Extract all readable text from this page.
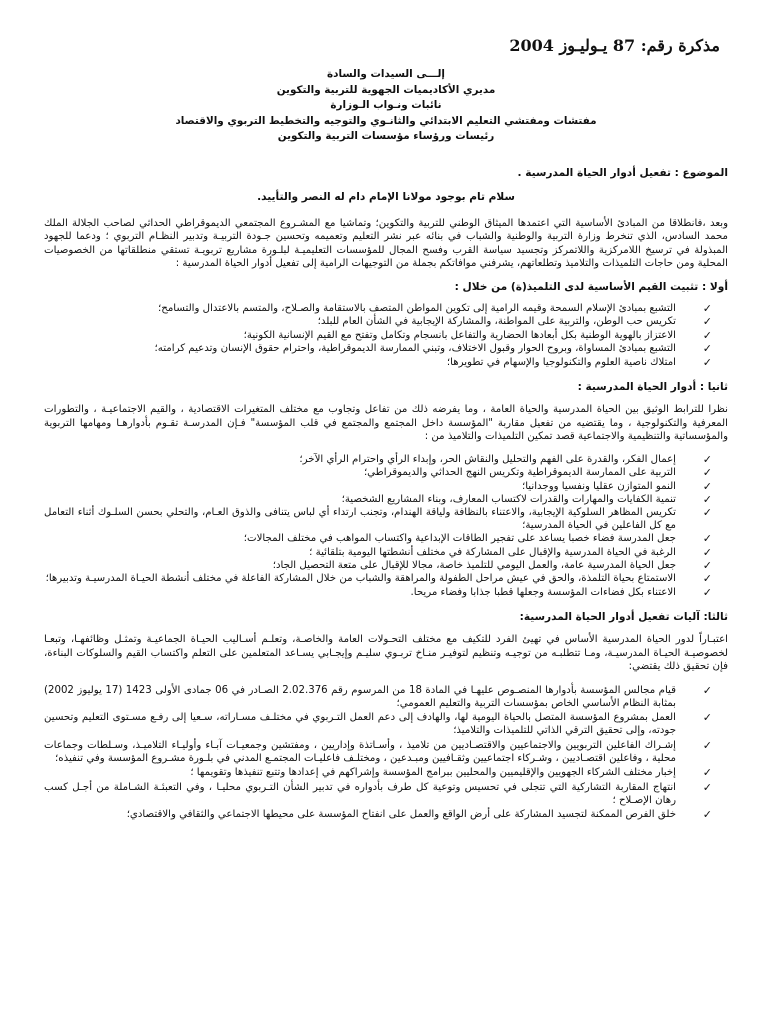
مذكرة رقم: 87 يـوليـوز 2004
إلـــى السيدات والسادة
مديري الأكاديميات الجهوية للتربية والتكوين
نائبات ونـواب الـوزارة
مفتشات ومفتشي التعليم الابتدائي والثانـوي والتوجيه والتخطيط التربوي والاقتصاد
رئيسات ورؤساء مؤسسات التربية والتكوين
الموضوع : تفعيل أدوار الحياة المدرسية .
سلام تام بوجود مولانا الإمام دام له النصر والتأييد.

وبعد ،فانطلاقا من المبادئ الأساسية التي اعتمدها الميثاق الوطني للتربية والتكوين؛ وتماشيا مع المشـروع المجتمعي الديموقراطي الحداثي لصاحب الجلالة الملك محمد السادس، الذي تنخرط وزارة التربية والوطنية والشباب في بنائه عبر نشر التعليم وتعميمه وتحسين جـودة التربيـة وتدبير النظـام التربوي ؛ ودعما للجهود المبذولة في ترسيخ اللامركزية واللاتمركز وتجسيد سياسة القرب وفسح المجال للمؤسسات التعليميـة لبلـورة مشاريع تربويـة تستقي منطلقاتها من الخصوصيات المحلية ومن حاجات التلميذات والتلاميذ وتطلعاتهم، يشرفني موافاتكم بجملة من التوجيهات الرامية إلى تفعيل أدوار الحياة المدرسية :

أولا : تثبيت القيم الأساسية لدى التلميذ(ة) من خلال :
✓
التشبع بمبادئ الإسلام السمحة وقيمه الرامية إلى تكوين المواطن المتصف بالاستقامة والصـلاح، والمتسم بالاعتدال والتسامح؛
✓
تكريس حب الوطن، والتربية على المواطنة، والمشاركة الإيجابية في الشأن العام للبلد؛
✓
الاعتزاز بالهوية الوطنية بكل أبعادها الحضارية والتفاعل بانسجام وتكامل وتفتح مع القيم الإنسانية الكونية؛
✓
التشبع بمبادئ المساواة، وبروح الحوار وقبول الاختلاف، وتبني الممارسة الديموقراطية، واحترام حقوق الإنسان وتدعيم كرامته؛
✓
امتلاك ناصية العلوم والتكنولوجيا والإسهام في تطويرها؛
ثانيا : أدوار الحياة المدرسية :

نظرا للترابط الوثيق بين الحياة المدرسية والحياة العامة ، وما يفرضه ذلك من تفاعل وتجاوب مع مختلف المتغيرات الاقتصادية ، والقيم الاجتماعيـة ، والتطورات المعرفية والتكنولوجية ، وما يقتضيه من تفعيل مقاربة "المؤسسة داخل المجتمع والمجتمع في قلب المؤسسة" فـإن المدرسـة تقـوم بأدوارهـا ومهامها التربوية والمؤسساتية والتنظيمية والاجتماعية قصد تمكين التلميذات والتلاميذ من :

✓
إعمال الفكر، والقدرة على الفهم والتحليل والنقاش الحر، وإبداء الرأي واحترام الرأي الآخر؛
✓
التربية على الممارسة الديموقراطية وتكريس النهج الحداثي والديموقراطي؛
✓
النمو المتوازن عقليا ونفسيا ووجدانيا؛
✓
تنمية الكفايات والمهارات والقدرات لاكتساب المعارف، وبناء المشاريع الشخصية؛
✓
تكريس المظاهر السلوكية الإيجابية، والاعتناء بالنظافة ولياقة الهندام، وتجنب ارتداء أي لباس يتنافى والذوق العـام، والتحلي بحسن السلـوك أثناء التعامل مع كل الفاعلين في الحياة المدرسية؛
✓
جعل المدرسة فضاء خصبا يساعد على تفجير الطاقات الإبداعية واكتساب المواهب في مختلف المجالات؛
✓
الرغبة في الحياة المدرسية والإقبال على المشاركة في مختلف أنشطتها اليومية بتلقائية ؛
✓
جعل الحياة المدرسية عامة، والعمل اليومي للتلميذ خاصة، مجالا للإقبال على متعة التحصيل الجاد؛
✓
الاستمتاع بحياة التلمذة، والحق في عيش مراحل الطفولة والمراهقة والشباب من خلال المشاركة الفاعلة في مختلف أنشطة الحيـاة المدرسيـة وتدبيرها؛
✓
الاعتناء بكل فضاءات المؤسسة وجعلها قطبا جذابا وفضاء مريحا.
ثالثا: آليات تفعيل أدوار الحياة المدرسية:

اعتبـاراً لدور الحياة المدرسية الأساس في تهيئ الفرد للتكيف مع مختلف التحـولات العامة والخاصـة، وتعلـم أسـاليب الحيـاة الجماعيـة وتمثـل وظائفهـا، وتبعـا لخصوصيـة الحيـاة المدرسيـة، ومـا تتطلبـه من توجيـه وتنظيم لتوفيـر منـاخ تربـوي سليـم وإيجـابي يسـاعد المتعلمين على التعلم واكتساب القيم والسلوكات البناءة، فإن تحقيق ذلك يقتضي:

✓
قيام مجالس المؤسسة بأدوارها المنصـوص عليهـا في المادة 18 من المرسوم رقم 2.02.376 الصـادر في 06 جمادى الأولى 1423 (17 يوليوز 2002) بمثابة النظام الأساسي الخاص بمؤسسات التربية والتعليم العمومي؛
✓
العمل بمشروع المؤسسة المتصل بالحياة اليومية لها، والهادف إلى دعم العمل التـربوي في مختلـف مسـاراته، سـعيا إلى رفـع مسـتوى التعليم وتحسين جودته، وإلى تحقيق الترقي الذاتي للتلميذات والتلاميذ؛
✓
إشـراك الفاعلين التربويين والاجتماعيين والاقتصـاديين من تلاميذ ، وأسـاتذة وإداريين ، ومفتشين وجمعيـات آبـاء وأوليـاء التلاميـذ، وسـلطات وجماعات محلية ، وفاعلين اقتصـاديين ، وشـركاء اجتماعيين وثقـافيين ومبـدعين ، ومختلـف فاعليـات المجتمـع المدني في بلـورة مشـروع المؤسسة وفي تنفيذه؛
✓
إخبار مختلف الشركاء الجهويين والإقليميين والمحليين ببرامج المؤسسة وإشراكهم في إعدادها وتتبع تنفيذها وتقويمها ؛
✓
انتهاج المقاربة التشاركية التي تتجلى في تحسيس وتوعية كل طرف بأدواره في تدبير الشأن التـربوي محليـا ، وفي التعبئـة الشـاملة من أجـل كسب رهان الإصـلاح ؛
✓
خلق الفرص الممكنة لتجسيد المشاركة على أرض الواقع والعمل على انفتاح المؤسسة على محيطها الاجتماعي والثقافي والاقتصادي؛
